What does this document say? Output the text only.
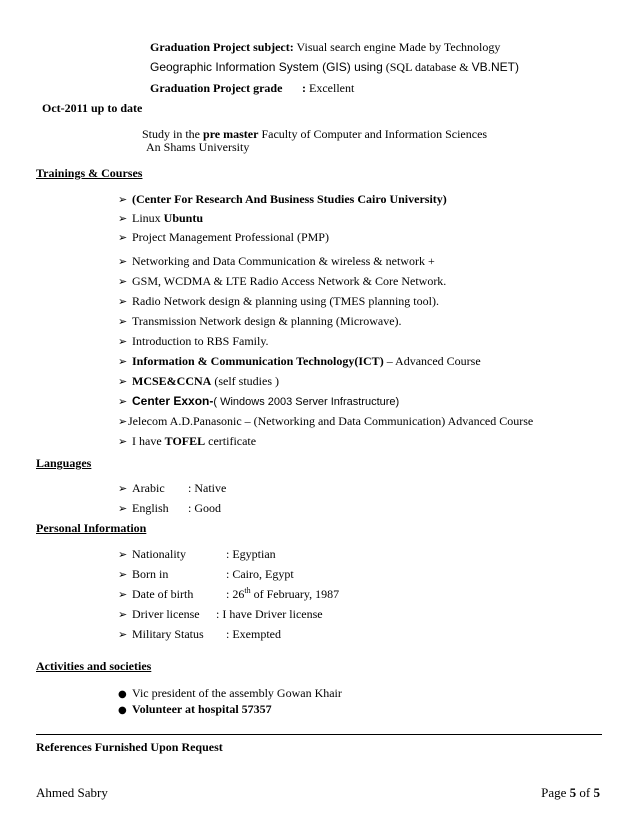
Graduation Project subject: Visual search engine Made by Technology
Geographic Information System (GIS) using (SQL database & VB.NET)
Graduation Project grade : Excellent
Oct-2011 up to date
Study in the pre master Faculty of Computer and Information Sciences
An Shams University
Trainings & Courses
➢ (Center For Research And Business Studies Cairo University)
➢ Linux Ubuntu
➢ Project Management Professional (PMP)
➢ Networking and Data Communication & wireless & network +
➢ GSM, WCDMA & LTE Radio Access Network & Core Network.
➢ Radio Network design & planning using (TMES planning tool).
➢ Transmission Network design & planning (Microwave).
➢ Introduction to RBS Family.
➢ Information & Communication Technology(ICT) – Advanced Course
➢ MCSE&CCNA (self studies )
➢ Center Exxon-( Windows 2003 Server Infrastructure)
➢Jelecom A.D.Panasonic – (Networking and Data Communication) Advanced Course
➢ I have TOFEL certificate
Languages
➢ Arabic : Native
➢ English : Good
Personal Information
➢ Nationality	: Egyptian
➢ Born in	: Cairo, Egypt
➢ Date of birth	: 26th of February, 1987
➢ Driver license : I have Driver license
➢ Military Status : Exempted
Activities and societies
● Vic president of the assembly Gowan Khair
● Volunteer at hospital 57357
References Furnished Upon Request
Ahmed Sabry	Page 5 of 5
